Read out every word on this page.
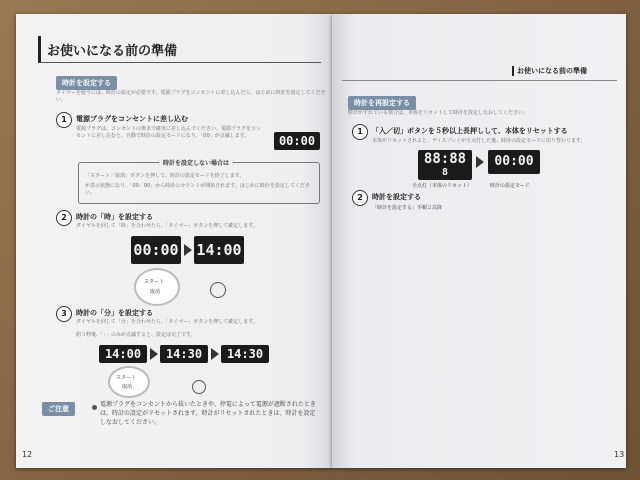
お使いになる前の準備
時計を設定する
タイマーを使うには、時計の設定が必要です。電源プラグをコンセントに差し込んだら、はじめに時計を設定してください。
1	電源プラグをコンセントに差し込む
電源プラグは、コンセントの奥まで確実に差し込んでください。電源プラグをコンセントに差し込むと、自動で時計の設定モードになり、「00」が点滅します。	00:00
時計を設定しない場合は
「スタート／取消」ボタンを押して、時計の設定モードを終了します。
が表示状態になり、「00：00」から時計のカウントが開始されます。はじめに時計を設定してください。
2	時計の「時」を設定する
ダイヤルを回して「時」を合わせたら、「タイマー」ボタンを押して確定します。
00:00 14:00
スタート
取消
3	時計の「分」を設定する
ダイヤルを回して「分」を合わせたら、「タイマー」ボタンを押して確定します。
約３秒後、「：」のみが点滅すると、設定は完了です。
14:00	14:30	14:30
スタート
取消
ご注意
電源プラグをコンセントから抜いたときや、停電によって電源が遮断されたときは、時計の設定がリセットされます。時計がリセットされたときは、時計を設定しなおしてください。
12
お使いになる前の準備
時計を再設定する
時計がずれている場合は、本体をリセットして時計を設定しなおしてください。
1	「入／切」ボタンを５秒以上長押しして、本体をリセットする
本体がリセットされると、ディスプレイが全点灯した後、時計の設定モードに切り替わります。
88:88
8
00:00
全点灯（本体のリセット）	時計の設定モード
2	時計を設定する
「時計を設定する」手順２以降
13
